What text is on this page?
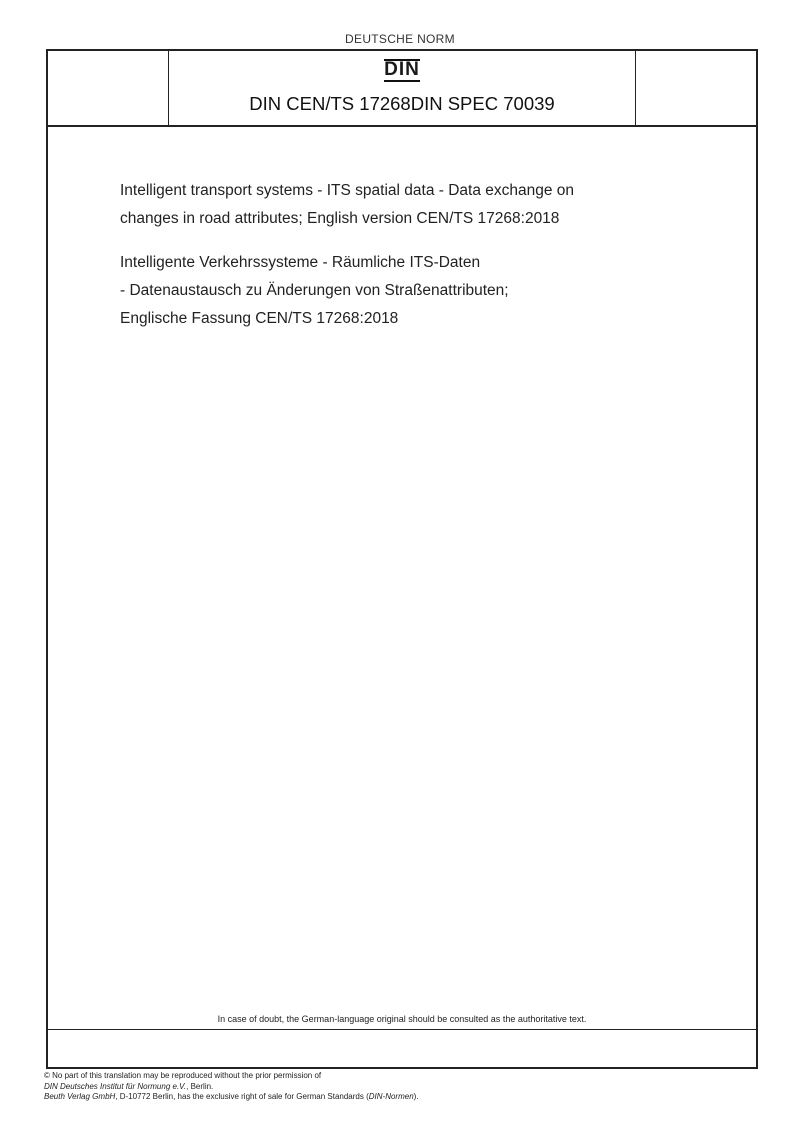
DEUTSCHE NORM
DIN
DIN CEN/TS 17268DIN SPEC 70039
Intelligent transport systems - ITS spatial data - Data exchange on
changes in road attributes; English version CEN/TS 17268:2018
Intelligente Verkehrssysteme - Räumliche ITS-Daten
- Datenaustausch zu Änderungen von Straßenattributen;
Englische Fassung CEN/TS 17268:2018
In case of doubt, the German-language original should be consulted as the authoritative text.
© No part of this translation may be reproduced without the prior permission of
DIN Deutsches Institut für Normung e.V., Berlin.
Beuth Verlag GmbH, D-10772 Berlin, has the exclusive right of sale for German Standards (DIN-Normen).
